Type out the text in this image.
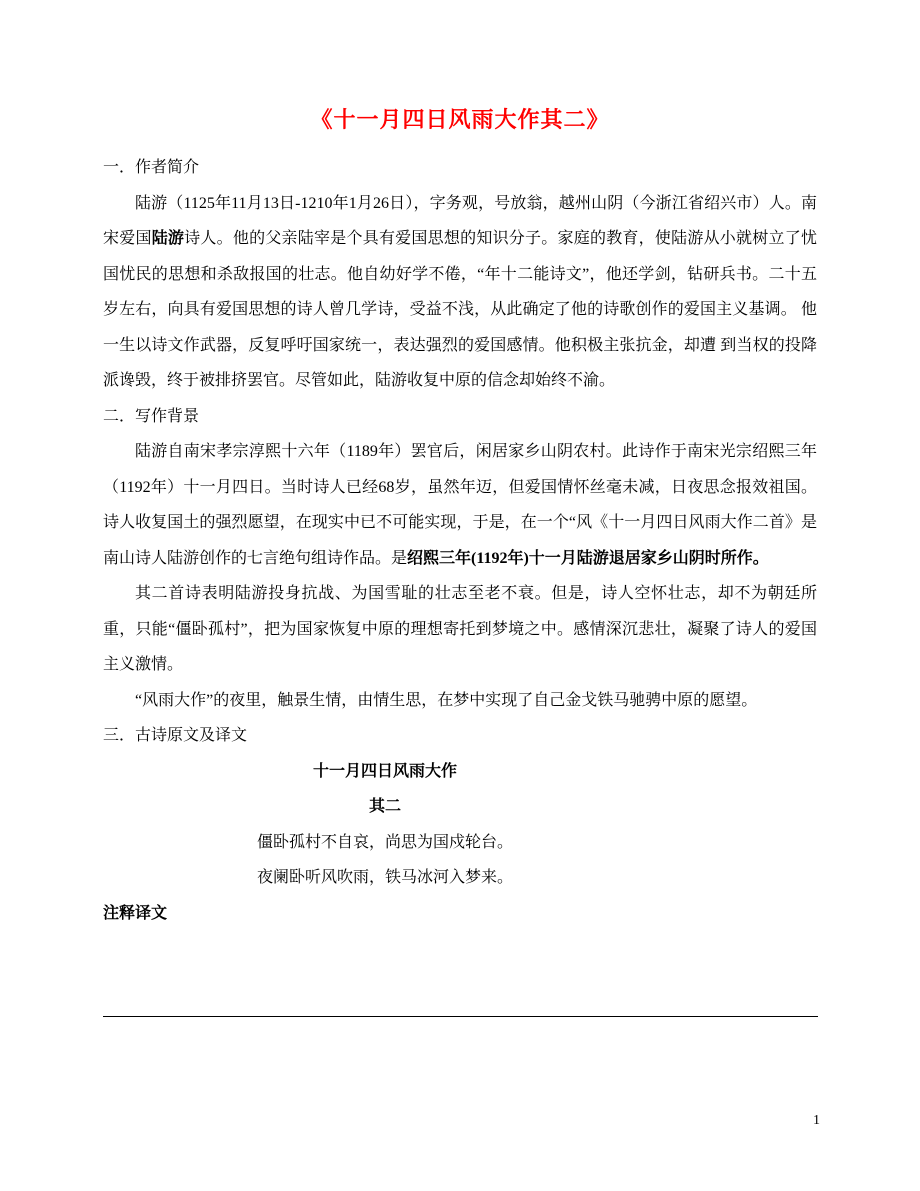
《十一月四日风雨大作其二》

一．作者简介

陆游（1125年11月13日-1210年1月26日），字务观，号放翁，越州山阴（今浙江省绍兴市）人。南宋爱国陆游诗人。他的父亲陆宰是个具有爱国思想的知识分子。家庭的教育，使陆游从小就树立了忧国忧民的思想和杀敌报国的壮志。他自幼好学不倦，“年十二能诗文”，他还学剑，钻研兵书。二十五岁左右，向具有爱国思想的诗人曾几学诗，受益不浅，从此确定了他的诗歌创作的爱国主义基调。 他一生以诗文作武器，反复呼吁国家统一，表达强烈的爱国感情。他积极主张抗金，却遭 到当权的投降派谗毁，终于被排挤罢官。尽管如此，陆游收复中原的信念却始终不渝。

二．写作背景

陆游自南宋孝宗淳熙十六年（1189年）罢官后，闲居家乡山阴农村。此诗作于南宋光宗绍熙三年（1192年）十一月四日。当时诗人已经68岁，虽然年迈，但爱国情怀丝毫未减，日夜思念报效祖国。诗人收复国土的强烈愿望，在现实中已不可能实现，于是，在一个“风《十一月四日风雨大作二首》是南山诗人陆游创作的七言绝句组诗作品。是绍熙三年(1192年)十一月陆游退居家乡山阴时所作。

其二首诗表明陆游投身抗战、为国雪耻的壮志至老不衰。但是，诗人空怀壮志，却不为朝廷所重，只能“僵卧孤村”，把为国家恢复中原的理想寄托到梦境之中。感情深沉悲壮，凝聚了诗人的爱国主义激情。

“风雨大作”的夜里，触景生情，由情生思，在梦中实现了自己金戈铁马驰骋中原的愿望。

三．古诗原文及译文

十一月四日风雨大作

其二

僵卧孤村不自哀，尚思为国戍轮台。

夜阑卧听风吹雨，铁马冰河入梦来。

注释译文

1
